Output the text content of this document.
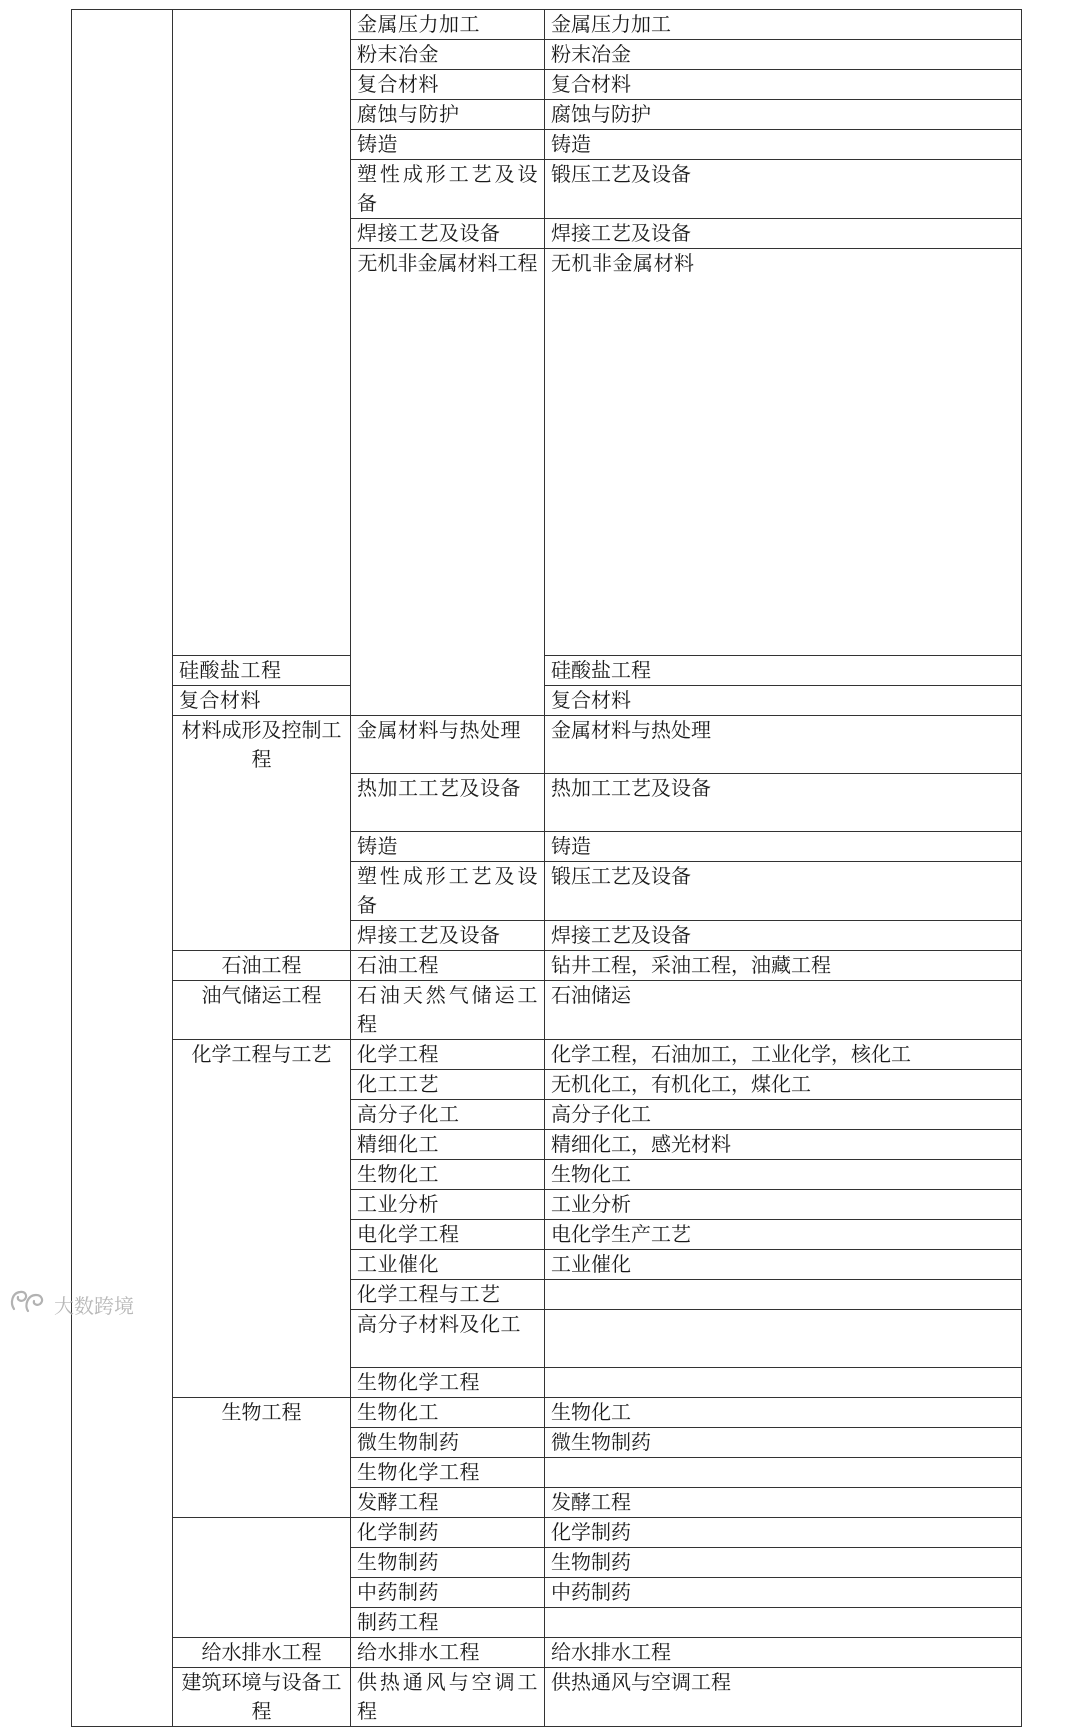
		金属压力加工	金属压力加工	
		粉末冶金	粉末冶金	
		复合材料	复合材料	
		腐蚀与防护	腐蚀与防护	
		铸造	铸造	
		塑性成形工艺及设备	锻压工艺及设备	
		焊接工艺及设备	焊接工艺及设备	
		无机非金属材料工程	无机非金属材料	
	硅酸盐工程		硅酸盐工程	
	复合材料		复合材料	
	材料成形及控制工程	金属材料与热处理	金属材料与热处理	
		热加工工艺及设备	热加工工艺及设备	
		铸造	铸造	
		塑性成形工艺及设备	锻压工艺及设备	
		焊接工艺及设备	焊接工艺及设备	
	石油工程	石油工程	钻井工程，采油工程，油藏工程	
	油气储运工程	石油天然气储运工程	石油储运	
	化学工程与工艺	化学工程	化学工程，石油加工，工业化学，核化工	
		化工工艺	无机化工，有机化工，煤化工	
		高分子化工	高分子化工	
		精细化工	精细化工，感光材料	
		生物化工	生物化工	
		工业分析	工业分析	
		电化学工程	电化学生产工艺	
		工业催化	工业催化	
		化学工程与工艺		
		高分子材料及化工		
		生物化学工程		
	生物工程	生物化工	生物化工	
		微生物制药	微生物制药	
		生物化学工程		
		发酵工程	发酵工程	
		化学制药	化学制药	
		生物制药	生物制药	
		中药制药	中药制药	
		制药工程		
	给水排水工程	给水排水工程	给水排水工程	
	建筑环境与设备工程	供热通风与空调工程	供热通风与空调工程	
大数跨境
